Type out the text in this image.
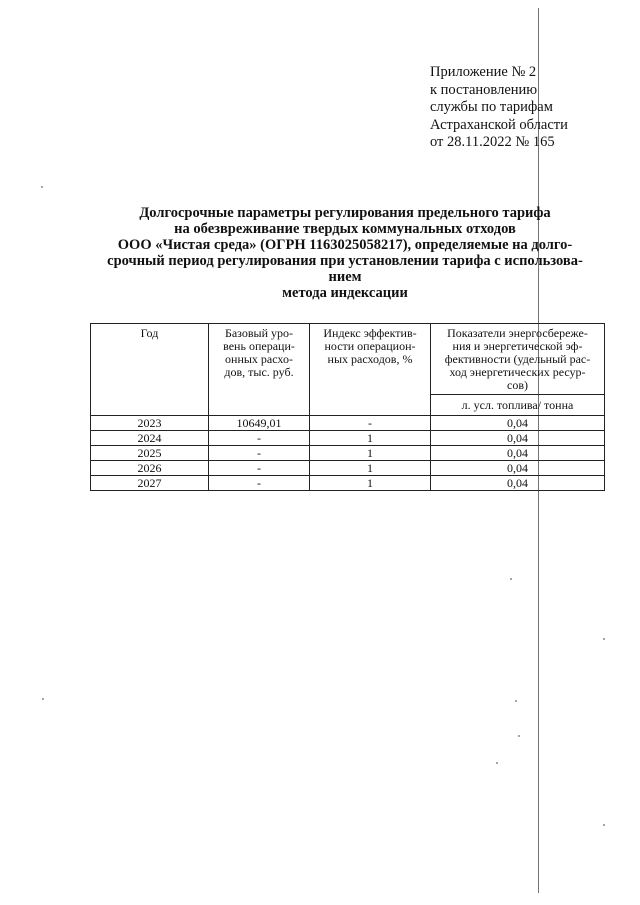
Приложение № 2
к постановлению
службы по тарифам
Астраханской области
от 28.11.2022 № 165
Долгосрочные параметры регулирования предельного тарифа
на обезвреживание твердых коммунальных отходов
ООО «Чистая среда» (ОГРН 1163025058217), определяемые на долго-
срочный период регулирования при установлении тарифа с использова-
нием
метода индексации
Год	Базовый уро-
вень операци-
онных расхо-
дов, тыс. руб.	Индекс эффектив-
ности операцион-
ных расходов, %	Показатели энергосбереже-
ния и энергетической эф-
фективности (удельный рас-
ход энергетических ресур-
сов)

			л. усл. топлива/ тонна
2023	10649,01	-	0,04
2024	-	1	0,04
2025	-	1	0,04
2026	-	1	0,04
2027	-	1	0,04
